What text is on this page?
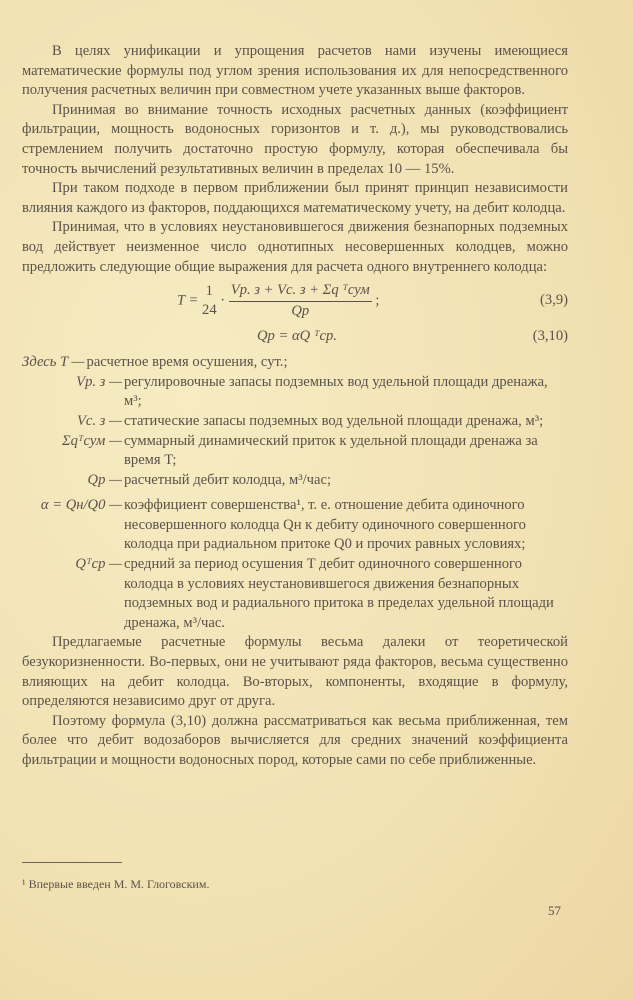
В целях унификации и упрощения расчетов нами изучены имеющиеся математические формулы под углом зрения использования их для непосредственного получения расчетных величин при совместном учете указанных выше факторов.

Принимая во внимание точность исходных расчетных данных (коэффициент фильтрации, мощность водоносных горизонтов и т. д.), мы руководствовались стремлением получить достаточно простую формулу, которая обеспечивала бы точность вычислений результативных величин в пределах 10 — 15%.

При таком подходе в первом приближении был принят принцип независимости влияния каждого из факторов, поддающихся математическому учету, на дебит колодца.

Принимая, что в условиях неустановившегося движения безнапорных подземных вод действует неизменное число однотипных несовершенных колодцев, можно предложить следующие общие выражения для расчета одного внутреннего колодца:

T =
1
24
· $\frac{\text{Vр. з + Vс. з + Σq ᵀсум}}{Qр}$ ;	(3,9)
Qр = αQ ᵀср.	(3,10)
Здесь T — расчетное время осушения, сут.;
Vр. з — регулировочные запасы подземных вод удельной площади дренажа, м³;
Vс. з — статические запасы подземных вод удельной площади дренажа, м³;
Σqᵀсум — суммарный динамический приток к удельной площади дренажа за время T;
Qр — расчетный дебит колодца, м³/час;
α = Qн/Q0 — коэффициент совершенства¹, т. е. отношение дебита одиночного несовершенного колодца Qн к дебиту одиночного совершенного колодца при радиальном притоке Q0 и прочих равных условиях;
Qᵀср — средний за период осушения T дебит одиночного совершенного колодца в условиях неустановившегося движения безнапорных подземных вод и радиального притока в пределах удельной площади дренажа, м³/час.

Предлагаемые расчетные формулы весьма далеки от теоретической безукоризненности. Во-первых, они не учитывают ряда факторов, весьма существенно влияющих на дебит колодца. Во-вторых, компоненты, входящие в формулу, определяются независимо друг от друга.

Поэтому формула (3,10) должна рассматриваться как весьма приближенная, тем более что дебит водозаборов вычисляется для средних значений коэффициента фильтрации и мощности водоносных пород, которые сами по себе приближенные.

¹ Впервые введен М. М. Глоговским.
57
